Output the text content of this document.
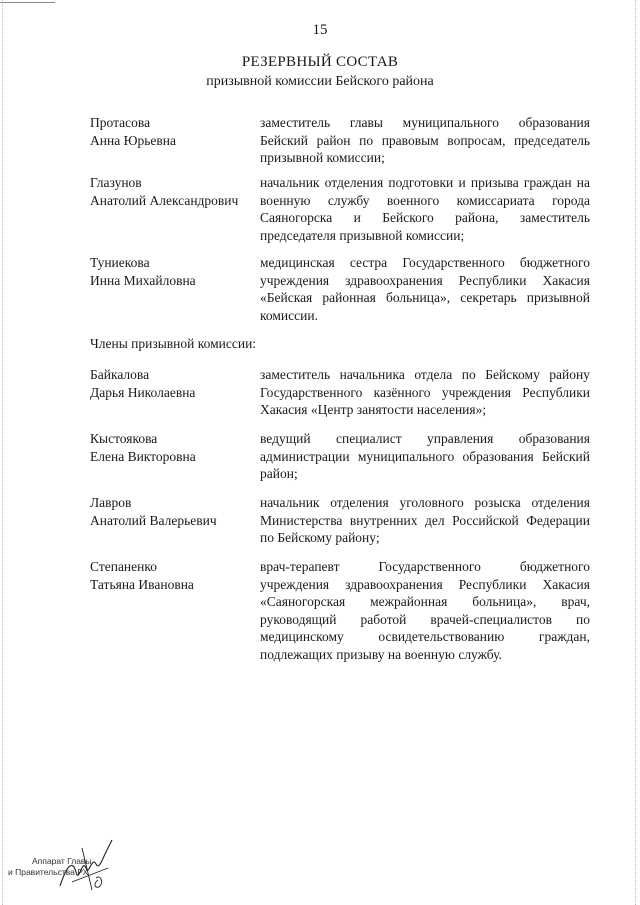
15
РЕЗЕРВНЫЙ СОСТАВ
призывной комиссии Бейского района
Протасова
Анна Юрьевна
заместитель главы муниципального образования Бейский район по правовым вопросам, председатель призывной комиссии;
Глазунов
Анатолий Александрович
начальник отделения подготовки и призыва граждан на военную службу военного комиссариата города Саяногорска и Бейского района, заместитель председателя призывной комиссии;
Туниекова
Инна Михайловна
медицинская сестра Государственного бюджетного учреждения здравоохранения Республики Хакасия «Бейская районная больница», секретарь призывной комиссии.
Члены призывной комиссии:
Байкалова
Дарья Николаевна
заместитель начальника отдела по Бейскому району Государственного казённого учреждения Республики Хакасия «Центр занятости населения»;
Кыстоякова
Елена Викторовна
ведущий специалист управления образования администрации муниципального образования Бейский район;
Лавров
Анатолий Валерьевич
начальник отделения уголовного розыска отделения Министерства внутренних дел Российской Федерации по Бейскому району;
Степаненко
Татьяна Ивановна
врач-терапевт Государственного бюджетного учреждения здравоохранения Республики Хакасия «Саяногорская межрайонная больница», врач, руководящий работой врачей-специалистов по медицинскому освидетельствованию граждан, подлежащих призыву на военную службу.
Аппарат Главы
и Правительства РХ
